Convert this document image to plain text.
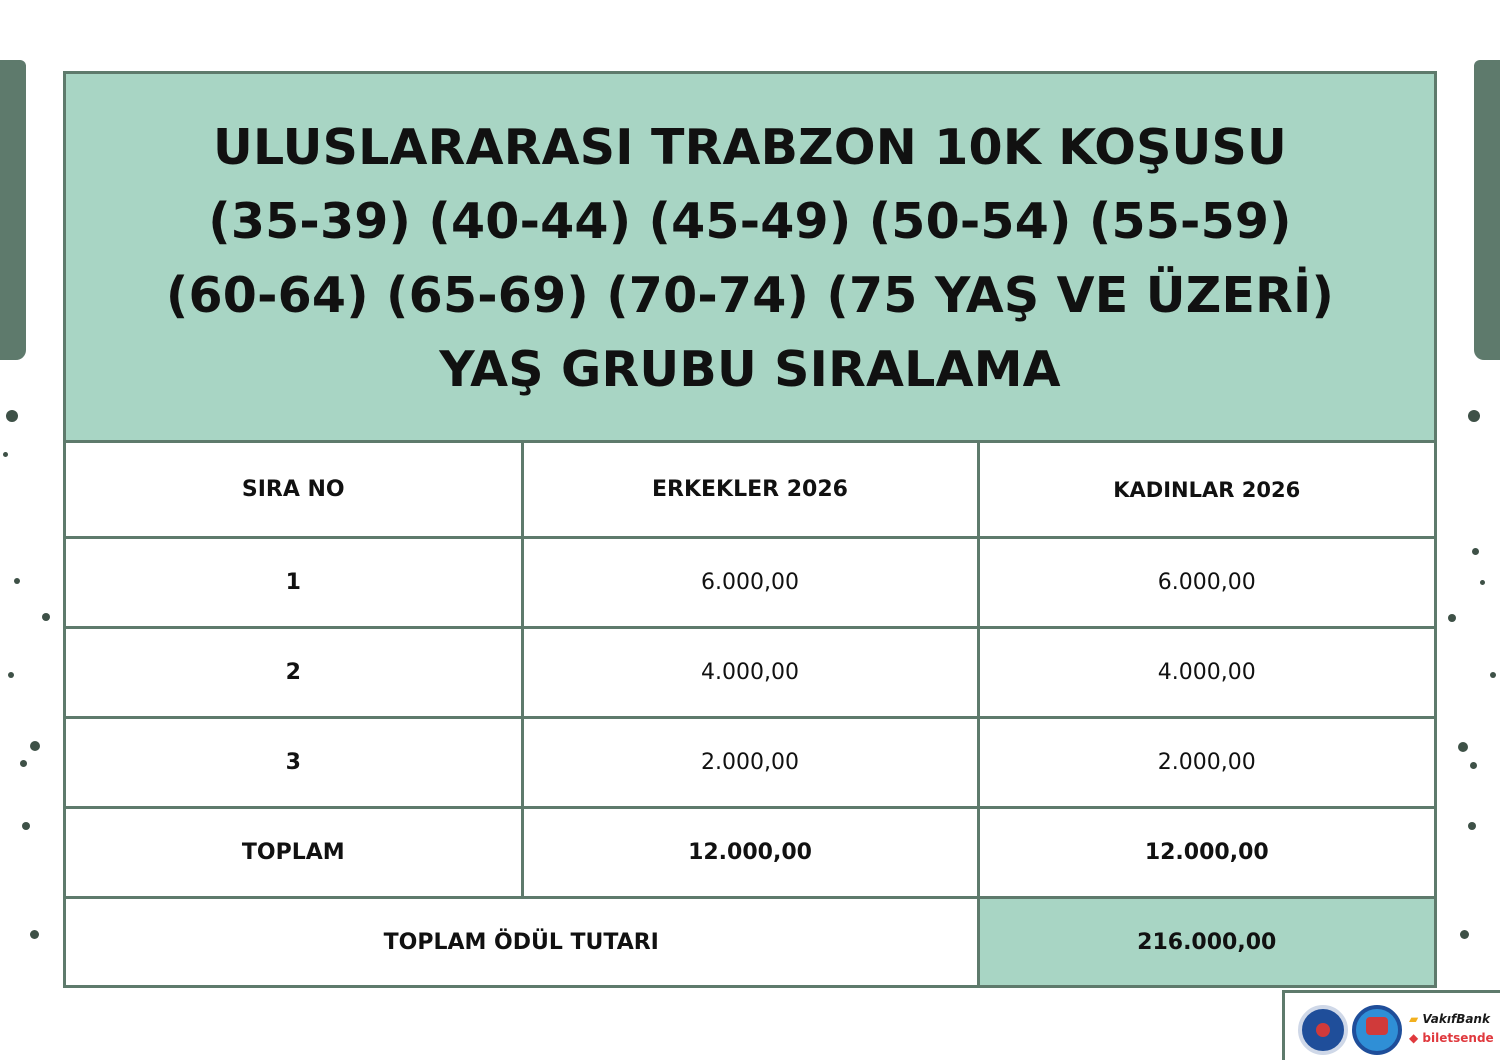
ULUSLARARASI TRABZON 10K KOŞUSU
(35-39) (40-44) (45-49) (50-54) (55-59)
(60-64) (65-69) (70-74) (75 YAŞ VE ÜZERİ)
YAŞ GRUBU SIRALAMA
SIRA NO	ERKEKLER 2026	KADINLAR 2026
1	6.000,00	6.000,00
2	4.000,00	4.000,00
3	2.000,00	2.000,00
TOPLAM	12.000,00	12.000,00
TOPLAM ÖDÜL TUTARI		216.000,00
▰ VakıfBank
◆ biletsende
